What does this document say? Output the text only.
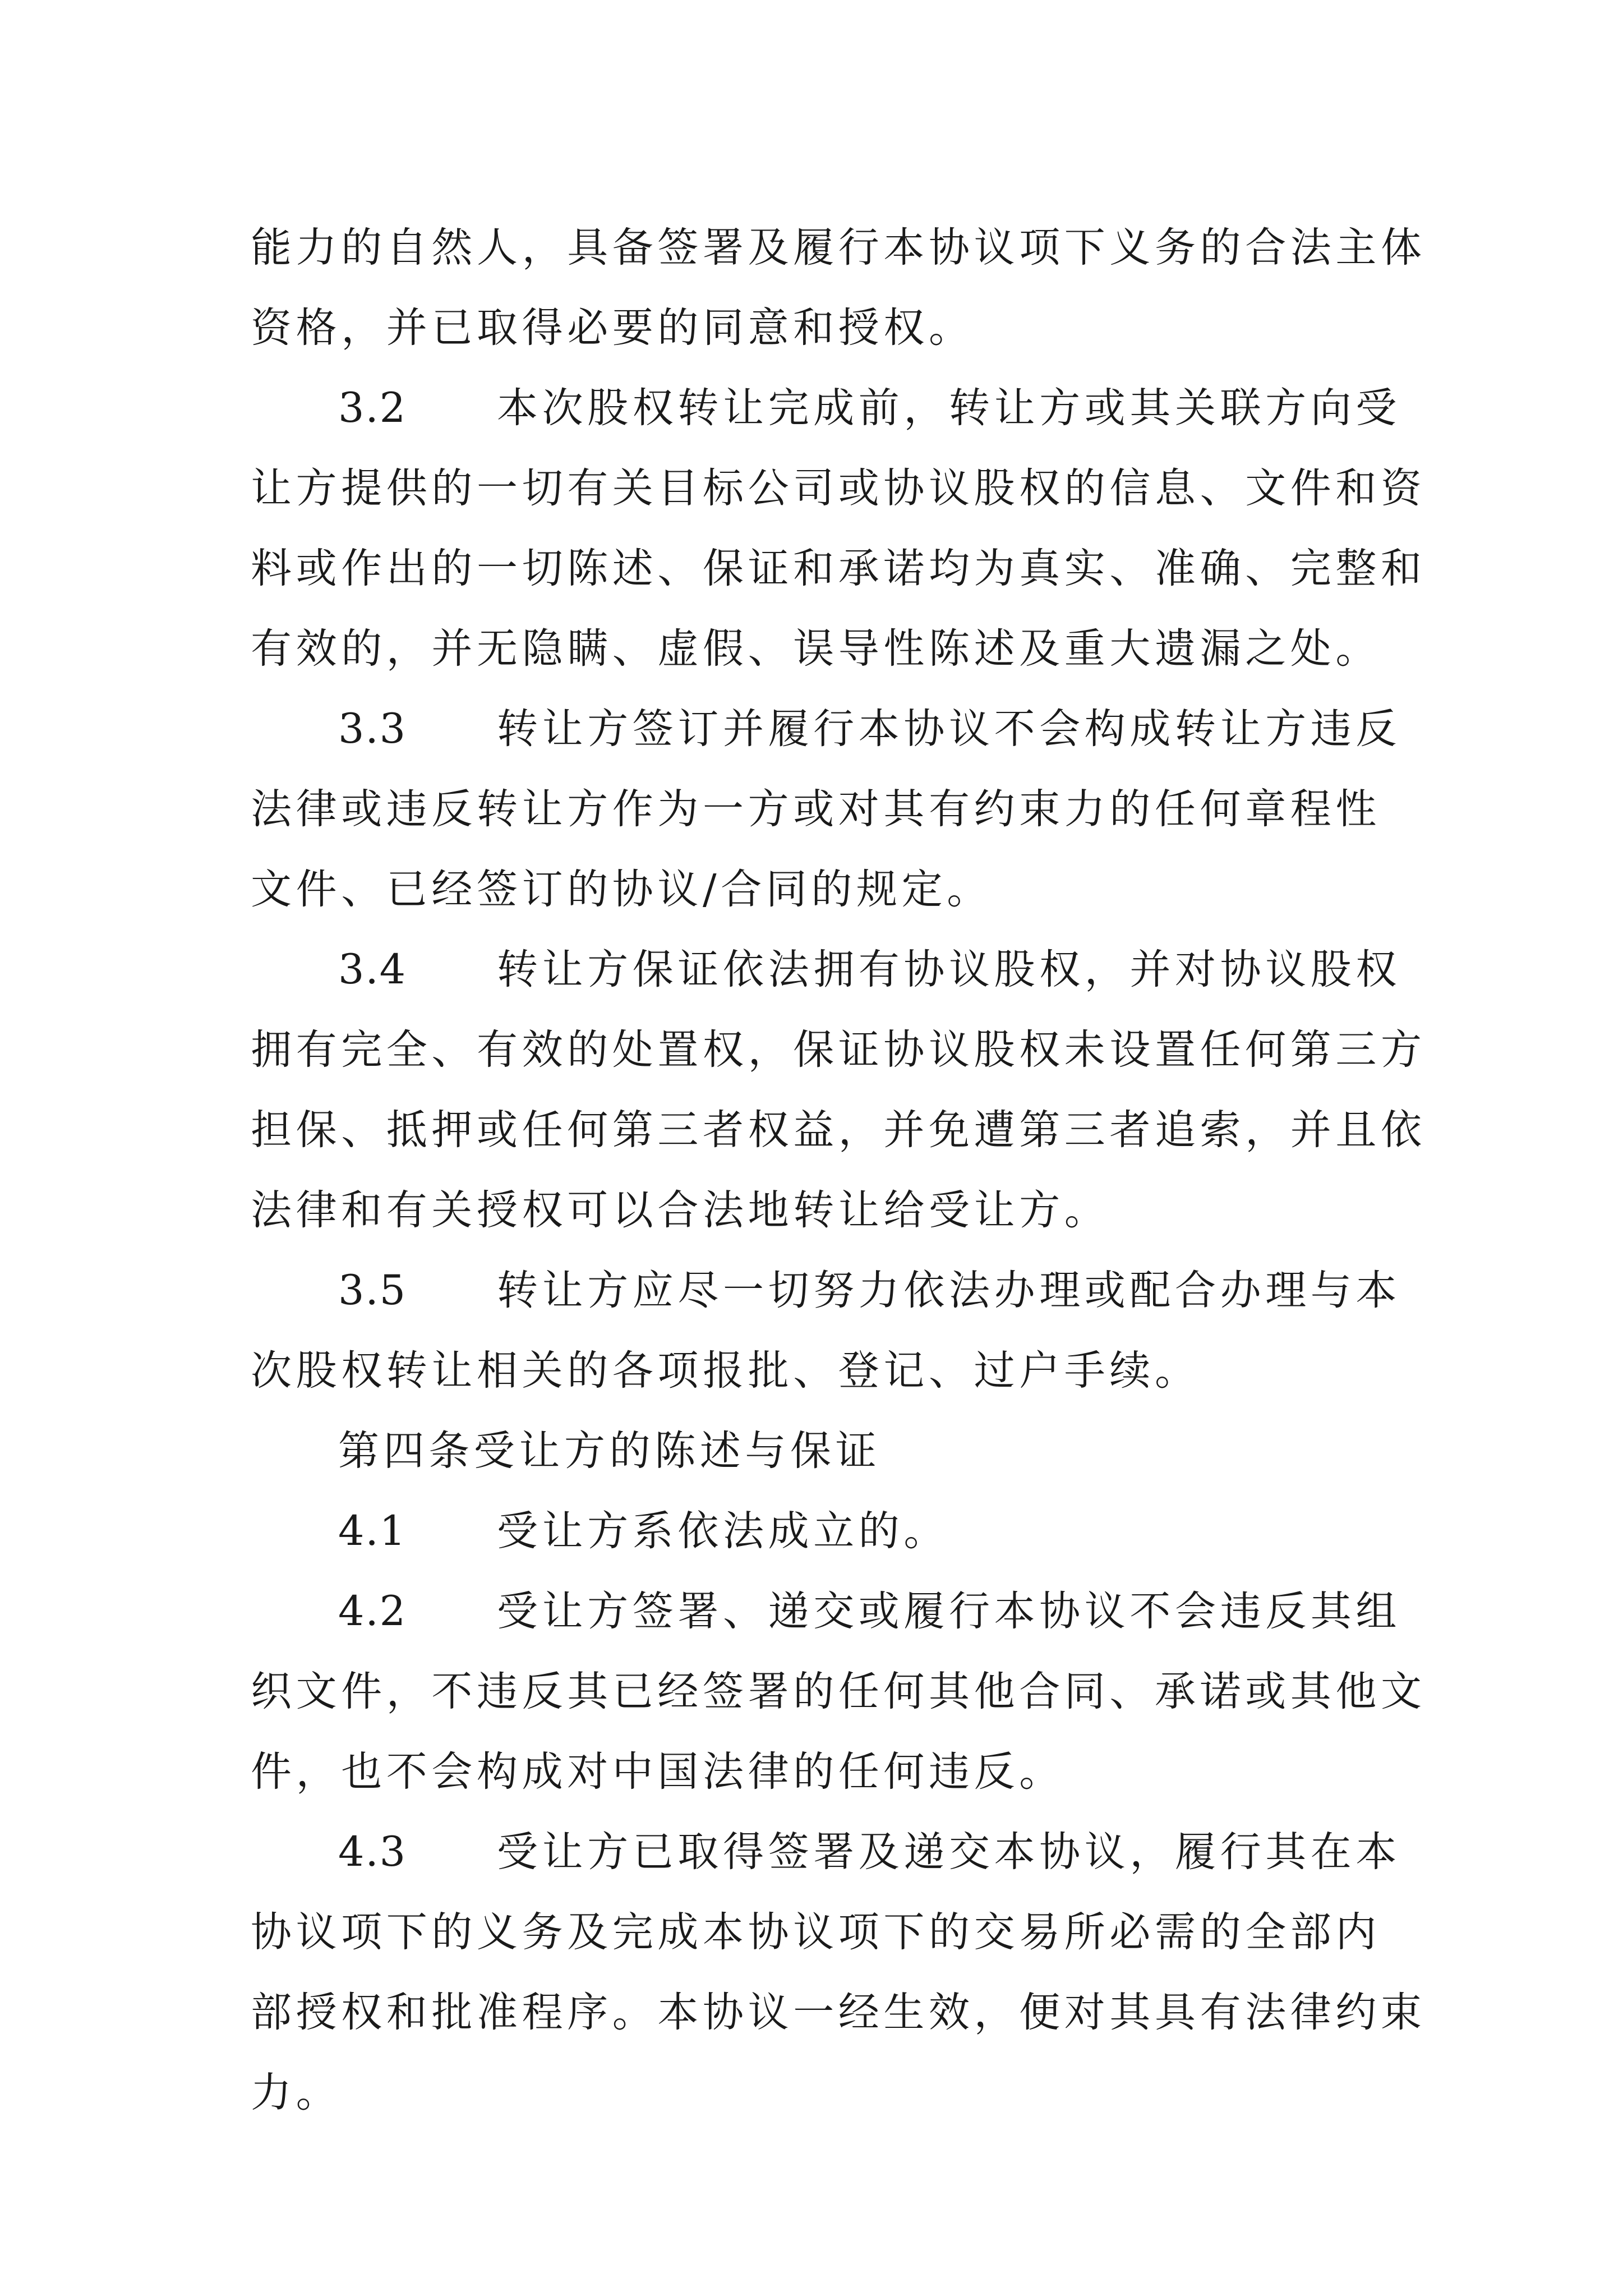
能力的自然人，具备签署及履行本协议项下义务的合法主体
资格，并已取得必要的同意和授权。
3.2 本次股权转让完成前，转让方或其关联方向受
让方提供的一切有关目标公司或协议股权的信息、文件和资
料或作出的一切陈述、保证和承诺均为真实、准确、完整和
有效的，并无隐瞒、虚假、误导性陈述及重大遗漏之处。
3.3 转让方签订并履行本协议不会构成转让方违反
法律或违反转让方作为一方或对其有约束力的任何章程性
文件、已经签订的协议/合同的规定。
3.4 转让方保证依法拥有协议股权，并对协议股权
拥有完全、有效的处置权，保证协议股权未设置任何第三方
担保、抵押或任何第三者权益，并免遭第三者追索，并且依
法律和有关授权可以合法地转让给受让方。
3.5 转让方应尽一切努力依法办理或配合办理与本
次股权转让相关的各项报批、登记、过户手续。
第四条受让方的陈述与保证
4.1 受让方系依法成立的。
4.2 受让方签署、递交或履行本协议不会违反其组
织文件，不违反其已经签署的任何其他合同、承诺或其他文
件，也不会构成对中国法律的任何违反。
4.3 受让方已取得签署及递交本协议，履行其在本
协议项下的义务及完成本协议项下的交易所必需的全部内
部授权和批准程序。本协议一经生效，便对其具有法律约束
力。
